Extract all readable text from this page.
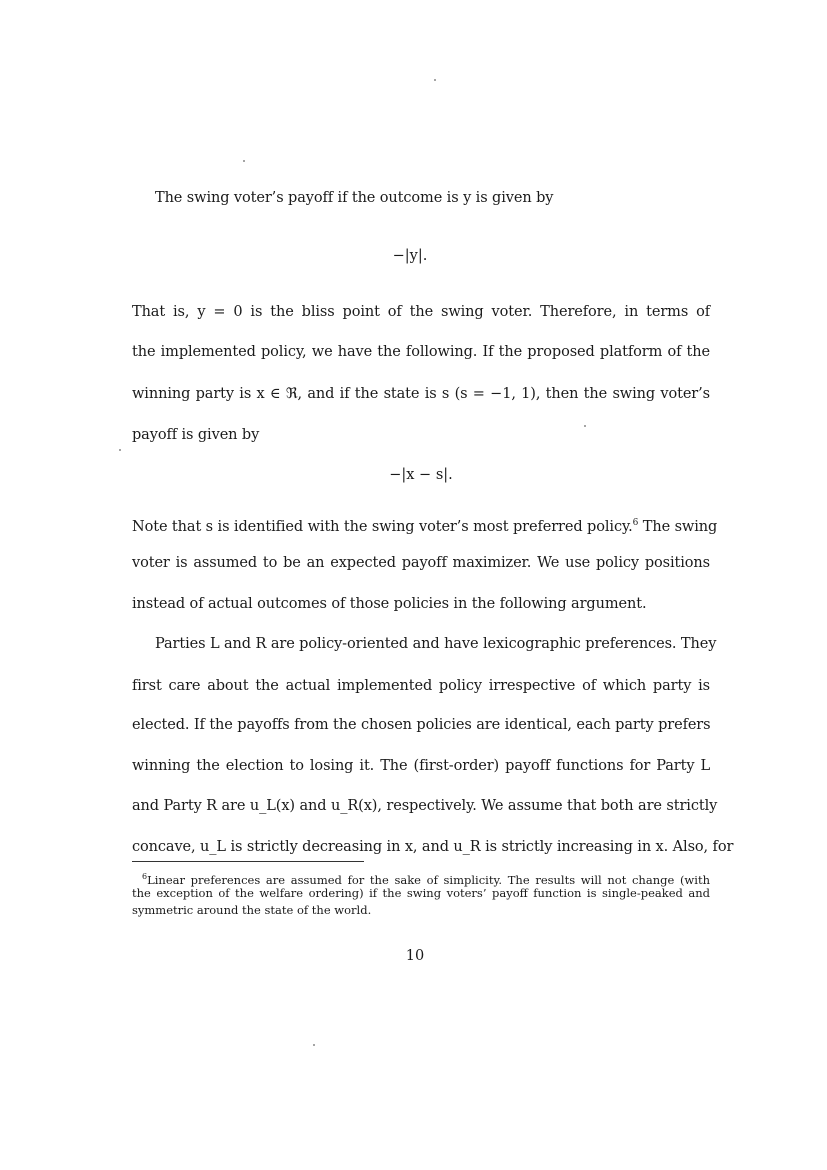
The swing voter’s payoff if the outcome is y is given by
−|y|.
That is, y = 0 is the bliss point of the swing voter. Therefore, in terms of
the implemented policy, we have the following. If the proposed platform of the
winning party is x ∈ ℜ, and if the state is s (s = −1, 1), then the swing voter’s
payoff is given by
−|x − s|.
Note that s is identified with the swing voter’s most preferred policy.$^6$ The swing
voter is assumed to be an expected payoff maximizer. We use policy positions
instead of actual outcomes of those policies in the following argument.
Parties L and R are policy-oriented and have lexicographic preferences. They
first care about the actual implemented policy irrespective of which party is
elected. If the payoffs from the chosen policies are identical, each party prefers
winning the election to losing it. The (first-order) payoff functions for Party L
and Party R are u_L(x) and u_R(x), respectively. We assume that both are strictly
concave, u_L is strictly decreasing in x, and u_R is strictly increasing in x. Also, for
$^6$Linear preferences are assumed for the sake of simplicity. The results will not change (with
the exception of the welfare ordering) if the swing voters’ payoff function is single-peaked and
symmetric around the state of the world.
10
